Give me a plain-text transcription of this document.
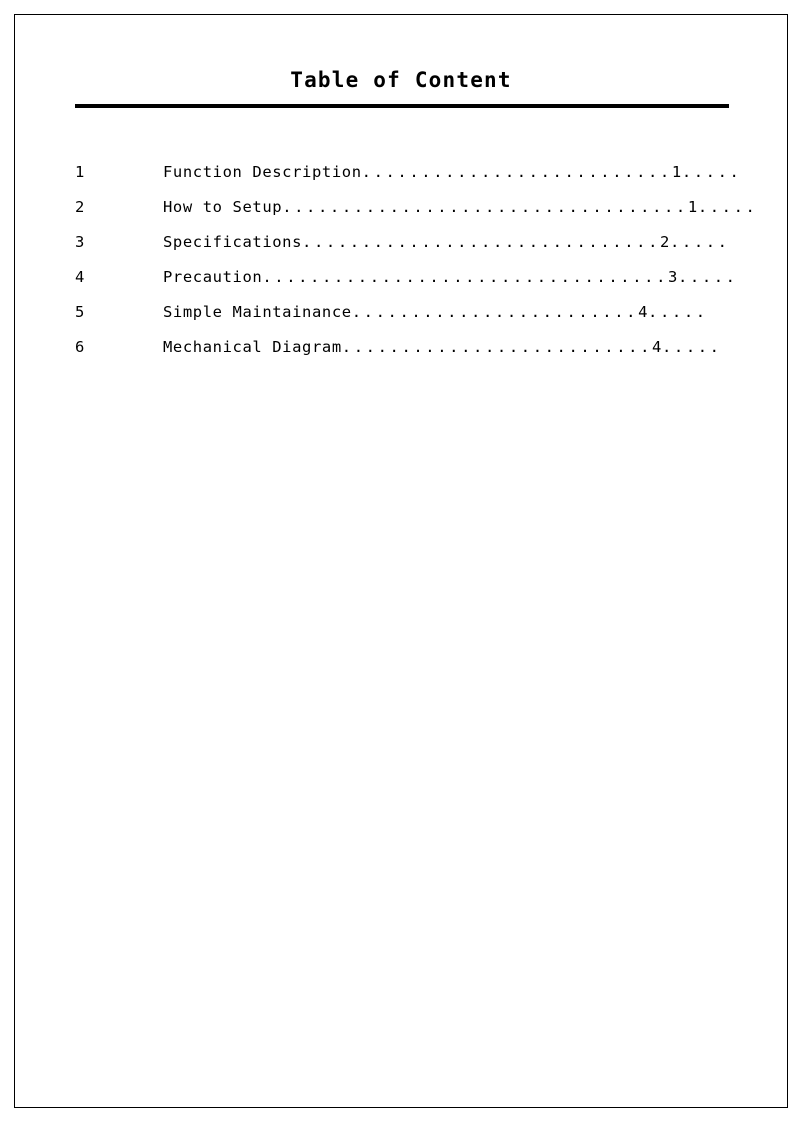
Table of Content
1	Function Description..........................1.....
2	How to Setup..................................1.....
3	Specifications..............................2.....
4	Precaution..................................3.....
5	Simple Maintainance........................4.....
6	Mechanical Diagram..........................4.....
